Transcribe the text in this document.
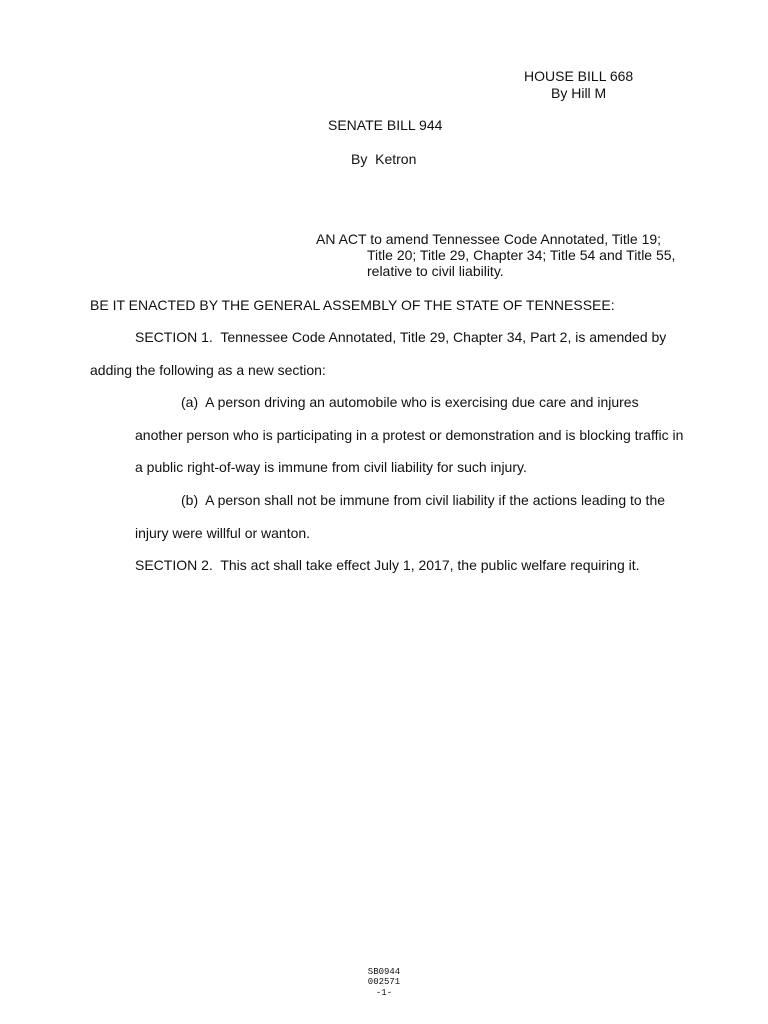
HOUSE BILL 668
By Hill M
SENATE BILL 944
By  Ketron
AN ACT to amend Tennessee Code Annotated, Title 19;
Title 20; Title 29, Chapter 34; Title 54 and Title 55,
relative to civil liability.
BE IT ENACTED BY THE GENERAL ASSEMBLY OF THE STATE OF TENNESSEE:
SECTION 1.  Tennessee Code Annotated, Title 29, Chapter 34, Part 2, is amended by
adding the following as a new section:
(a)  A person driving an automobile who is exercising due care and injures
another person who is participating in a protest or demonstration and is blocking traffic in
a public right-of-way is immune from civil liability for such injury.
(b)  A person shall not be immune from civil liability if the actions leading to the
injury were willful or wanton.
SECTION 2.  This act shall take effect July 1, 2017, the public welfare requiring it.
SB0944
002571
-1-
